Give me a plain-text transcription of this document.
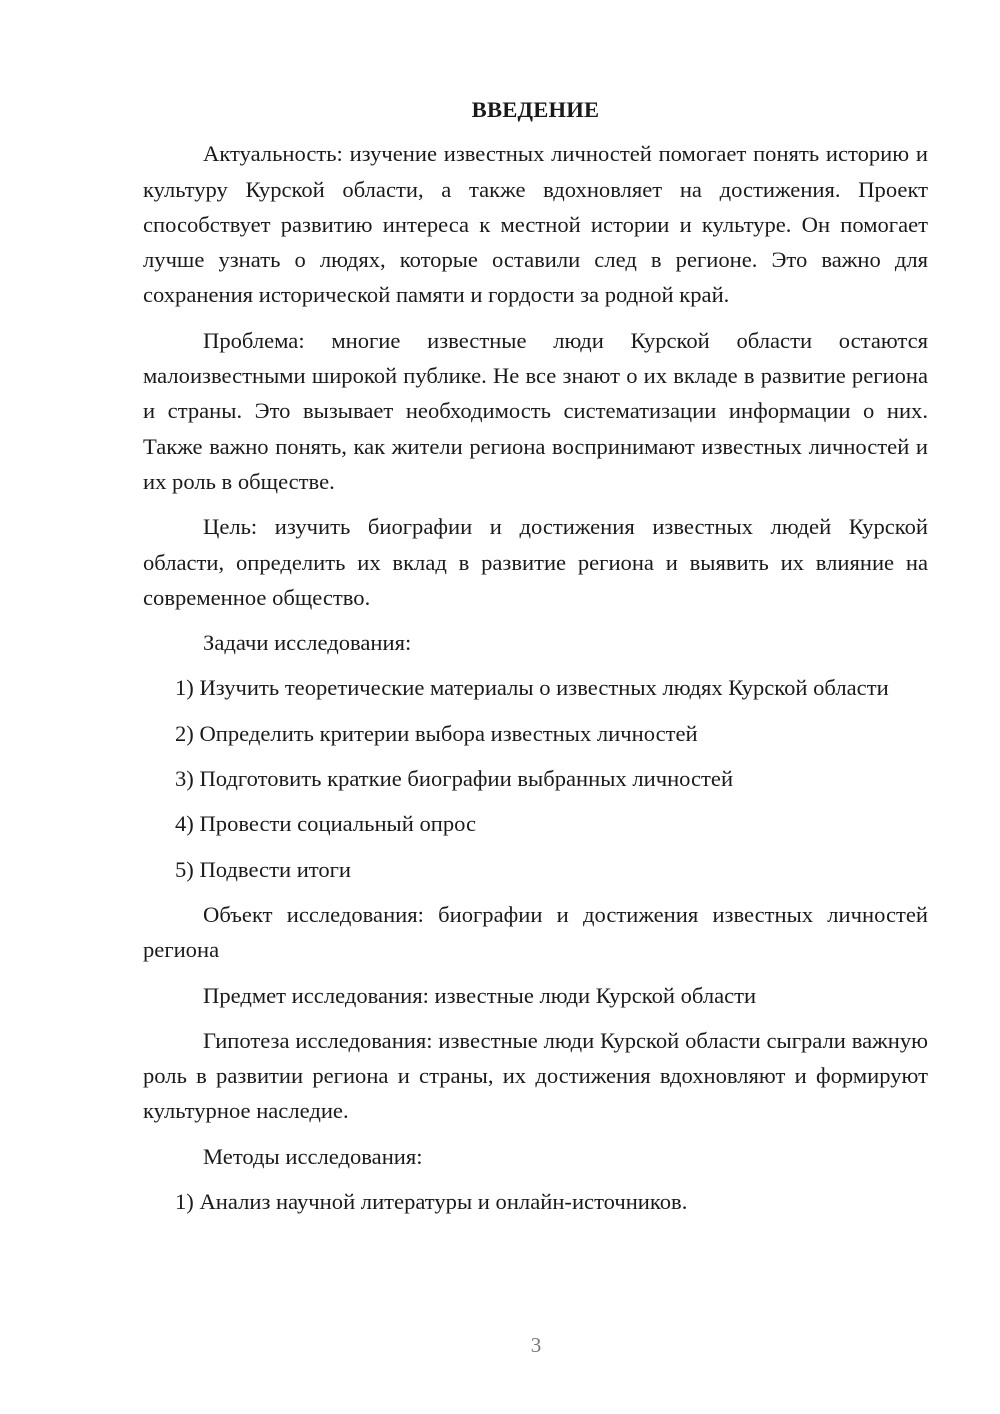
ВВЕДЕНИЕ

Актуальность: изучение известных личностей помогает понять историю и культуру Курской области, а также вдохновляет на достижения. Проект способствует развитию интереса к местной истории и культуре. Он помогает лучше узнать о людях, которые оставили след в регионе. Это важно для сохранения исторической памяти и гордости за родной край.

Проблема: многие известные люди Курской области остаются малоизвестными широкой публике. Не все знают о их вкладе в развитие региона и страны. Это вызывает необходимость систематизации информации о них. Также важно понять, как жители региона воспринимают известных личностей и их роль в обществе.

Цель: изучить биографии и достижения известных людей Курской области, определить их вклад в развитие региона и выявить их влияние на современное общество.

Задачи исследования:

1) Изучить теоретические материалы о известных людях Курской области

2) Определить критерии выбора известных личностей

3) Подготовить краткие биографии выбранных личностей

4) Провести социальный опрос

5) Подвести итоги

Объект исследования: биографии и достижения известных личностей региона

Предмет исследования: известные люди Курской области

Гипотеза исследования: известные люди Курской области сыграли важную роль в развитии региона и страны, их достижения вдохновляют и формируют культурное наследие.

Методы исследования:

1) Анализ научной литературы и онлайн-источников.

3
